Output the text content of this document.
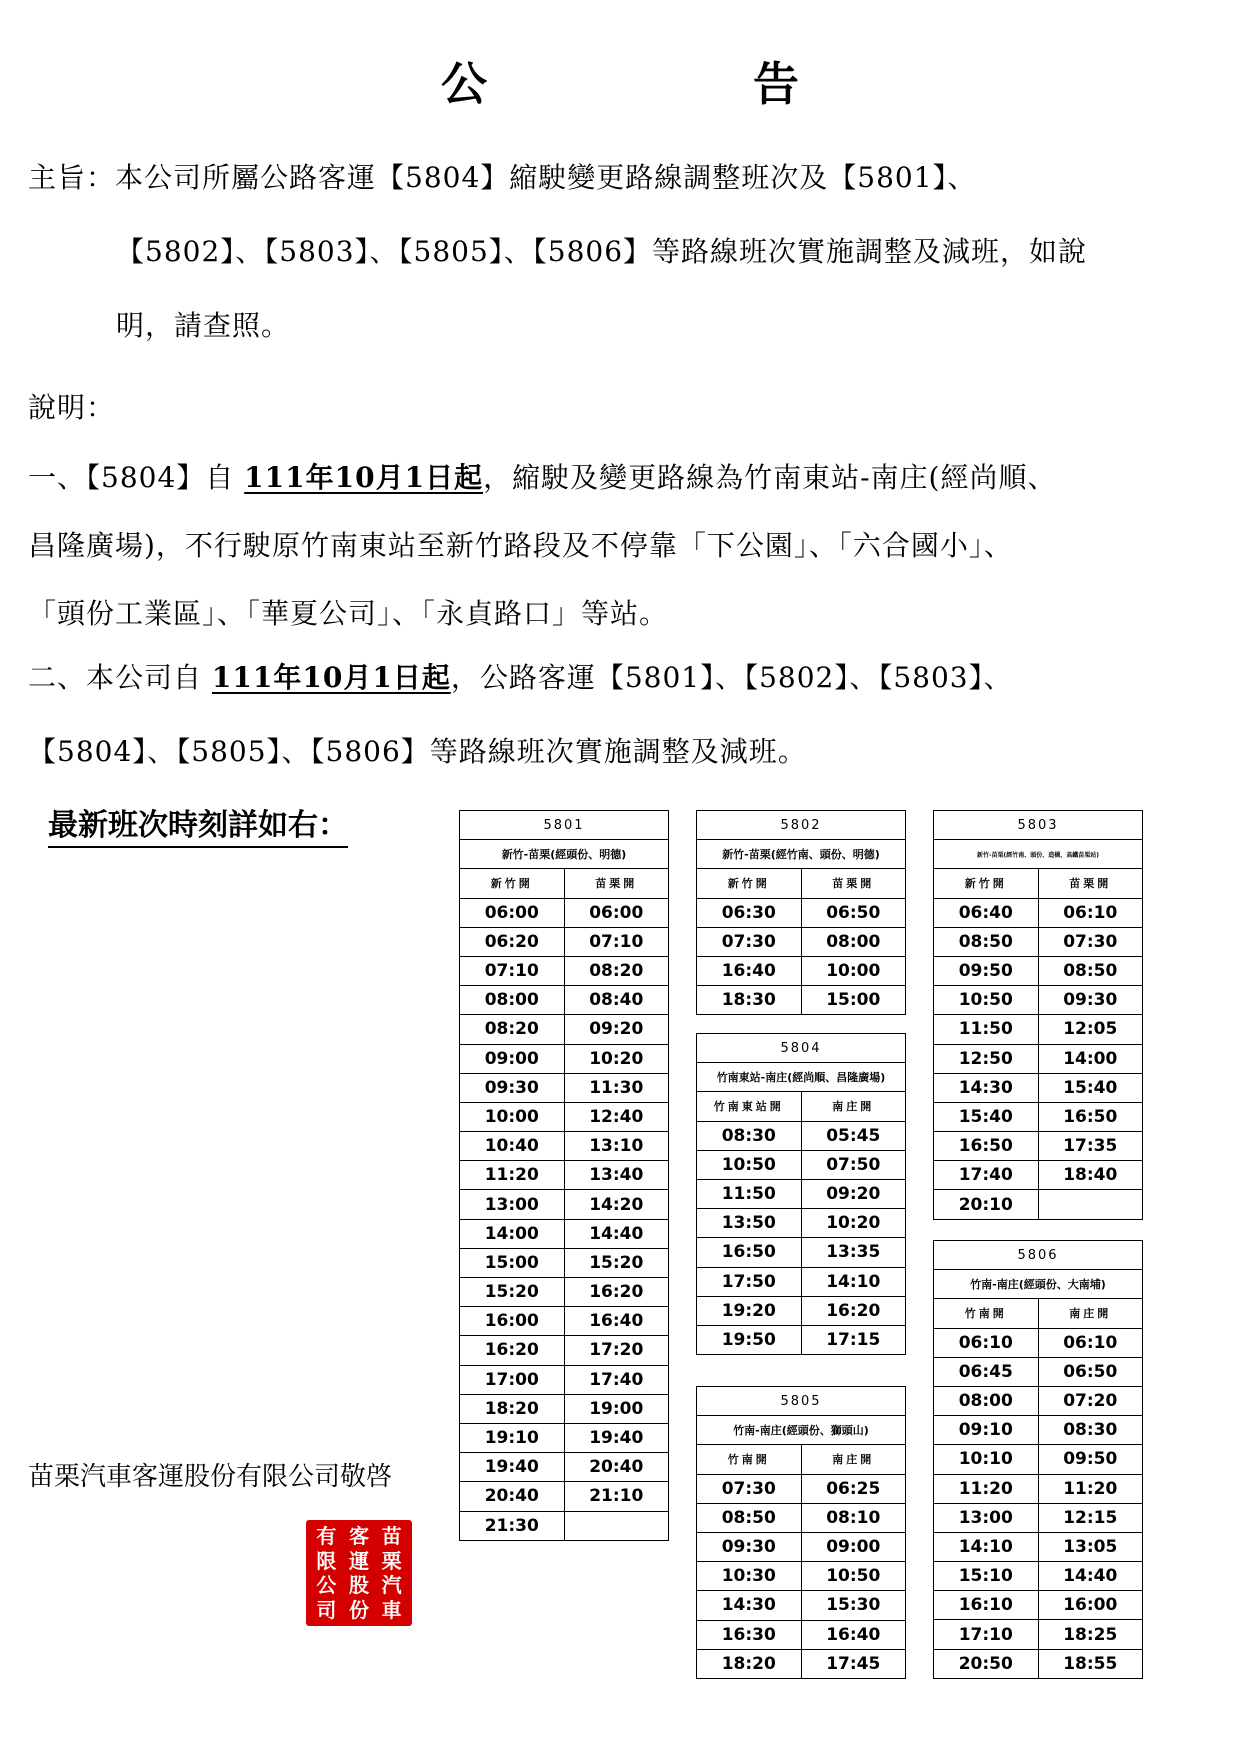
公　告
主旨：本公司所屬公路客運【5804】縮駛變更路線調整班次及【5801】、
【5802】、【5803】、【5805】、【5806】等路線班次實施調整及減班，如說
明，請查照。
說明：
一、【5804】自 111年10月1日起，縮駛及變更路線為竹南東站-南庄(經尚順、
昌隆廣場)，不行駛原竹南東站至新竹路段及不停靠「下公園」、「六合國小」、
「頭份工業區」、「華夏公司」、「永貞路口」等站。
二、本公司自 111年10月1日起，公路客運【5801】、【5802】、【5803】、
【5804】、【5805】、【5806】等路線班次實施調整及減班。
最新班次時刻詳如右：
苗栗汽車客運股份有限公司敬啓
苗
栗
汽
車
客
運
股
份
有
限
公
司
5801	
新竹-苗栗(經頭份、明德)	
新竹開	苗栗開
06:00	06:00
06:20	07:10
07:10	08:20
08:00	08:40
08:20	09:20
09:00	10:20
09:30	11:30
10:00	12:40
10:40	13:10
11:20	13:40
13:00	14:20
14:00	14:40
15:00	15:20
15:20	16:20
16:00	16:40
16:20	17:20
17:00	17:40
18:20	19:00
19:10	19:40
19:40	20:40
20:40	21:10
21:30	
5802	
新竹-苗栗(經竹南、頭份、明德)	
新竹開	苗栗開
06:30	06:50
07:30	08:00
16:40	10:00
18:30	15:00
5803	
新竹-苗栗(經竹南、頭份、造橋、高鐵苗栗站)	
新竹開	苗栗開
06:40	06:10
08:50	07:30
09:50	08:50
10:50	09:30
11:50	12:05
12:50	14:00
14:30	15:40
15:40	16:50
16:50	17:35
17:40	18:40
20:10	
5804	
竹南東站-南庄(經尚順、昌隆廣場)	
竹南東站開	南庄開
08:30	05:45
10:50	07:50
11:50	09:20
13:50	10:20
16:50	13:35
17:50	14:10
19:20	16:20
19:50	17:15
5805	
竹南-南庄(經頭份、獅頭山)	
竹南開	南庄開
07:30	06:25
08:50	08:10
09:30	09:00
10:30	10:50
14:30	15:30
16:30	16:40
18:20	17:45
5806	
竹南-南庄(經頭份、大南埔)	
竹南開	南庄開
06:10	06:10
06:45	06:50
08:00	07:20
09:10	08:30
10:10	09:50
11:20	11:20
13:00	12:15
14:10	13:05
15:10	14:40
16:10	16:00
17:10	18:25
20:50	18:55
